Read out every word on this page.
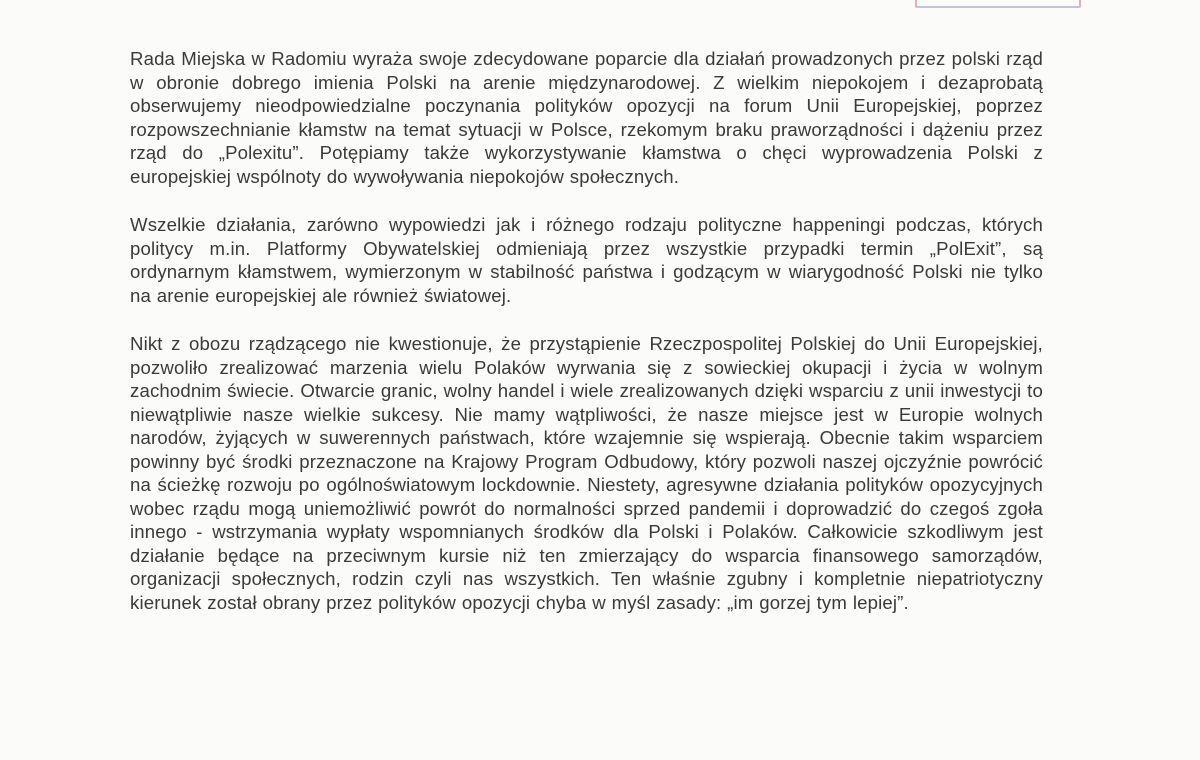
Rada Miejska w Radomiu wyraża swoje zdecydowane poparcie dla działań prowadzonych przez polski rząd w obronie dobrego imienia Polski na arenie międzynarodowej. Z wielkim niepokojem i dezaprobatą obserwujemy nieodpowiedzialne poczynania polityków opozycji na forum Unii Europejskiej, poprzez rozpowszechnianie kłamstw na temat sytuacji w Polsce, rzekomym braku praworządności i dążeniu przez rząd do „Polexitu”. Potępiamy także wykorzystywanie kłamstwa o chęci wyprowadzenia Polski z europejskiej wspólnoty do wywoływania niepokojów społecznych.

Wszelkie działania, zarówno wypowiedzi jak i różnego rodzaju polityczne happeningi podczas, których politycy m.in. Platformy Obywatelskiej odmieniają przez wszystkie przypadki termin „PolExit”, są ordynarnym kłamstwem, wymierzonym w stabilność państwa i godzącym w wiarygodność Polski nie tylko na arenie europejskiej ale również światowej.

Nikt z obozu rządzącego nie kwestionuje, że przystąpienie Rzeczpospolitej Polskiej do Unii Europejskiej, pozwoliło zrealizować marzenia wielu Polaków wyrwania się z sowieckiej okupacji i życia w wolnym zachodnim świecie. Otwarcie granic, wolny handel i wiele zrealizowanych dzięki wsparciu z unii inwestycji to niewątpliwie nasze wielkie sukcesy. Nie mamy wątpliwości, że nasze miejsce jest w Europie wolnych narodów, żyjących w suwerennych państwach, które wzajemnie się wspierają. Obecnie takim wsparciem powinny być środki przeznaczone na Krajowy Program Odbudowy, który pozwoli naszej ojczyźnie powrócić na ścieżkę rozwoju po ogólnoświatowym lockdownie. Niestety, agresywne działania polityków opozycyjnych wobec rządu mogą uniemożliwić powrót do normalności sprzed pandemii i doprowadzić do czegoś zgoła innego - wstrzymania wypłaty wspomnianych środków dla Polski i Polaków. Całkowicie szkodliwym jest działanie będące na przeciwnym kursie niż ten zmierzający do wsparcia finansowego samorządów, organizacji społecznych, rodzin czyli nas wszystkich. Ten właśnie zgubny i kompletnie niepatriotyczny kierunek został obrany przez polityków opozycji chyba w myśl zasady: „im gorzej tym lepiej”.
